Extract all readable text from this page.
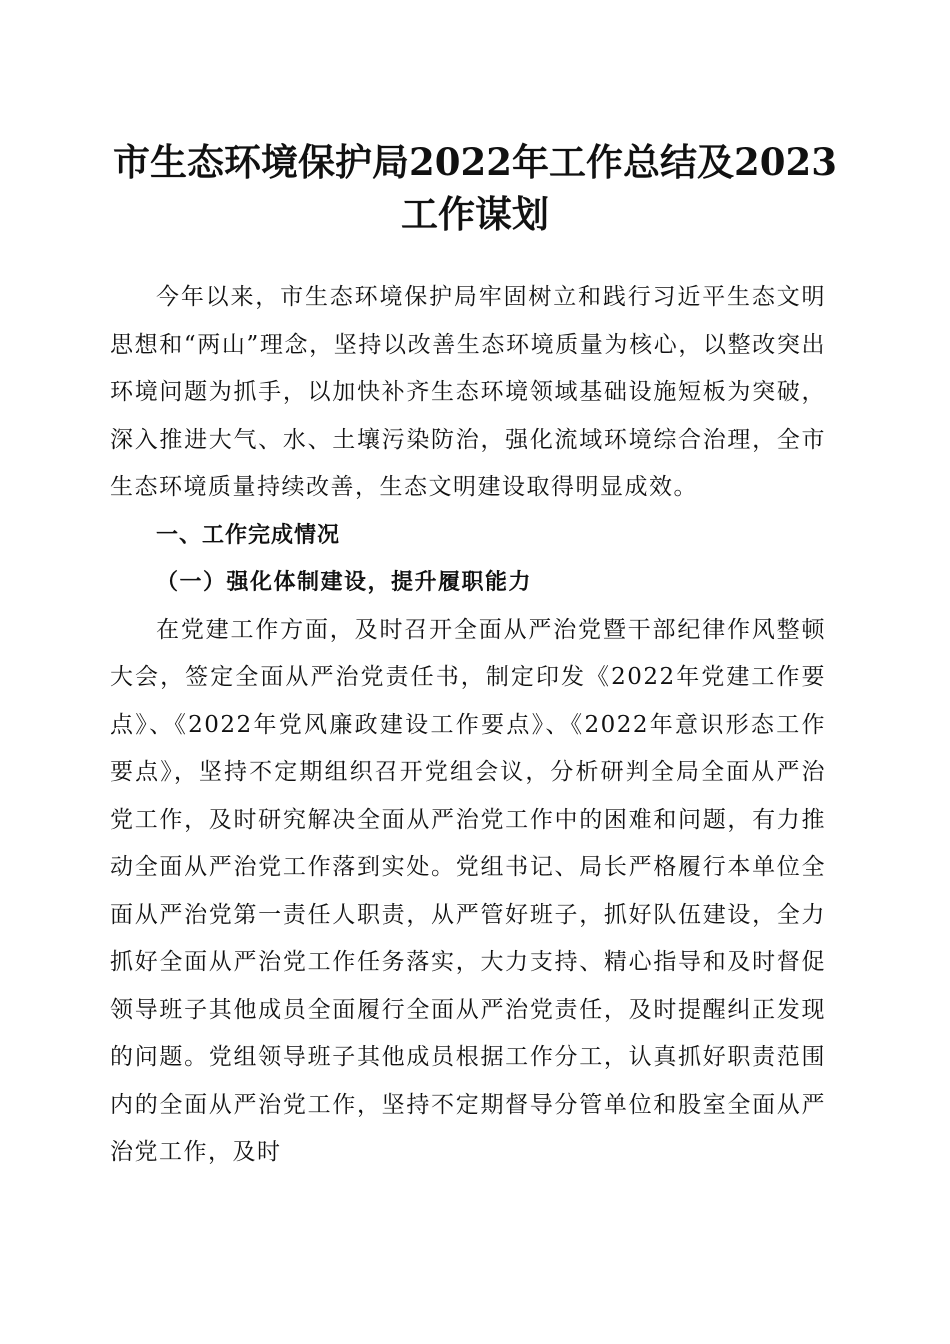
市生态环境保护局2022年工作总结及2023工作谋划

今年以来，市生态环境保护局牢固树立和践行习近平生态文明思想和“两山”理念，坚持以改善生态环境质量为核心，以整改突出环境问题为抓手，以加快补齐生态环境领域基础设施短板为突破，深入推进大气、水、土壤污染防治，强化流域环境综合治理，全市生态环境质量持续改善，生态文明建设取得明显成效。

一、工作完成情况

（一）强化体制建设，提升履职能力

在党建工作方面，及时召开全面从严治党暨干部纪律作风整顿大会，签定全面从严治党责任书，制定印发《2022年党建工作要点》、《2022年党风廉政建设工作要点》、《2022年意识形态工作要点》，坚持不定期组织召开党组会议，分析研判全局全面从严治党工作，及时研究解决全面从严治党工作中的困难和问题，有力推动全面从严治党工作落到实处。党组书记、局长严格履行本单位全面从严治党第一责任人职责，从严管好班子，抓好队伍建设，全力抓好全面从严治党工作任务落实，大力支持、精心指导和及时督促领导班子其他成员全面履行全面从严治党责任，及时提醒纠正发现的问题。党组领导班子其他成员根据工作分工，认真抓好职责范围内的全面从严治党工作，坚持不定期督导分管单位和股室全面从严治党工作，及时
